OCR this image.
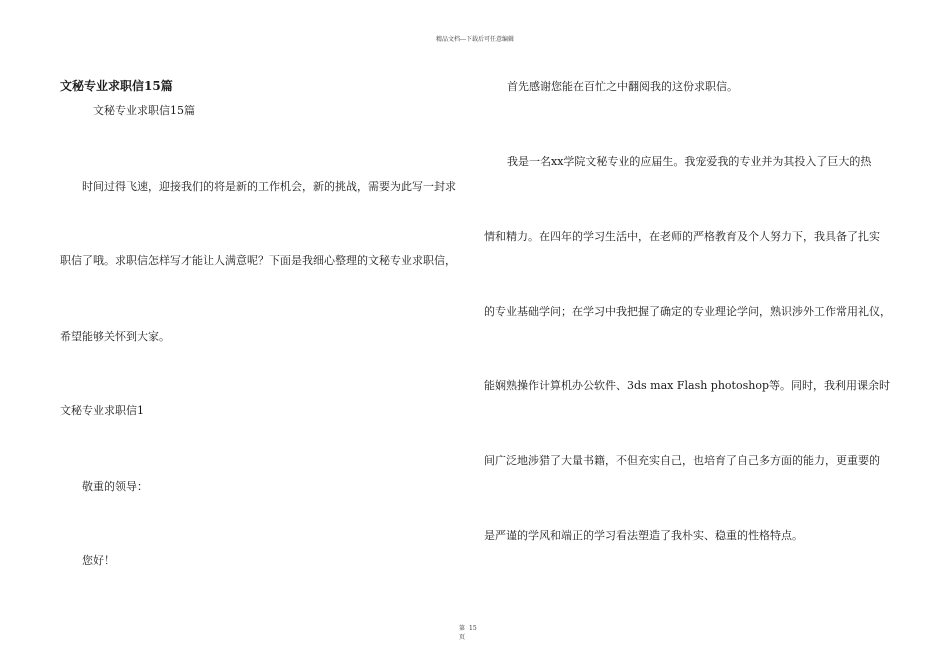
精品文档---下载后可任意编辑
文秘专业求职信15篇
文秘专业求职信15篇
时间过得飞速，迎接我们的将是新的工作机会，新的挑战，需要为此写一封求
职信了哦。求职信怎样写才能让人满意呢？下面是我细心整理的文秘专业求职信，
希望能够关怀到大家。
文秘专业求职信1
敬重的领导：
您好！
首先感谢您能在百忙之中翻阅我的这份求职信。
我是一名xx学院文秘专业的应届生。我宠爱我的专业并为其投入了巨大的热
情和精力。在四年的学习生活中，在老师的严格教育及个人努力下，我具备了扎实
的专业基础学问；在学习中我把握了确定的专业理论学问，熟识涉外工作常用礼仪，
能娴熟操作计算机办公软件、3ds max Flash photoshop等。同时，我利用课余时
间广泛地涉猎了大量书籍，不但充实自己，也培育了自己多方面的能力，更重要的
是严谨的学风和端正的学习看法塑造了我朴实、稳重的性格特点。
第
页
15
